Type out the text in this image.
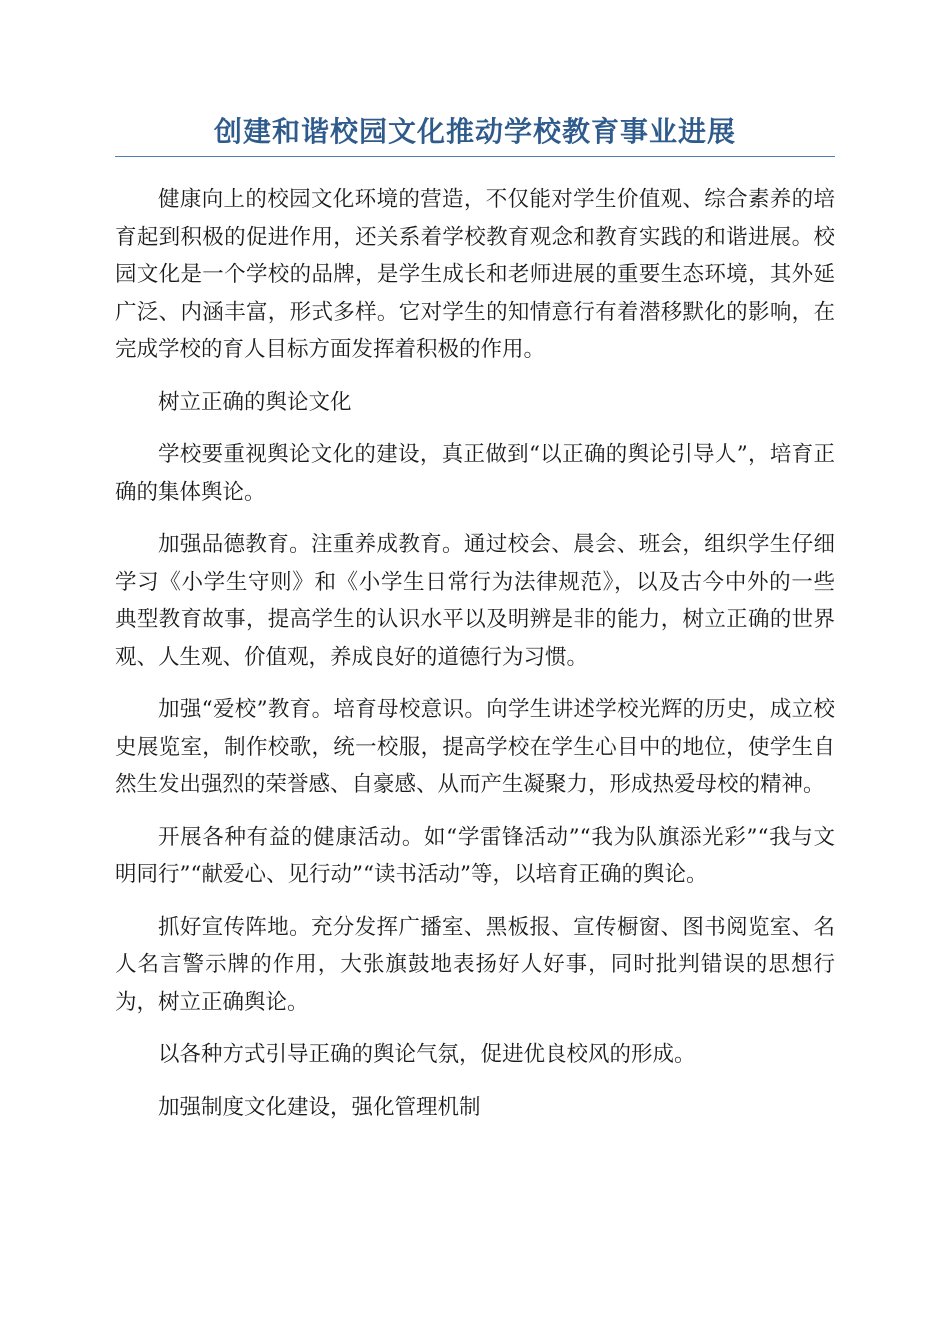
创建和谐校园文化推动学校教育事业进展

健康向上的校园文化环境的营造，不仅能对学生价值观、综合素养的培育起到积极的促进作用，还关系着学校教育观念和教育实践的和谐进展。校园文化是一个学校的品牌，是学生成长和老师进展的重要生态环境，其外延广泛、内涵丰富，形式多样。它对学生的知情意行有着潜移默化的影响，在完成学校的育人目标方面发挥着积极的作用。

树立正确的舆论文化

学校要重视舆论文化的建设，真正做到“以正确的舆论引导人”，培育正确的集体舆论。

加强品德教育。注重养成教育。通过校会、晨会、班会，组织学生仔细学习《小学生守则》和《小学生日常行为法律规范》，以及古今中外的一些典型教育故事，提高学生的认识水平以及明辨是非的能力，树立正确的世界观、人生观、价值观，养成良好的道德行为习惯。

加强“爱校”教育。培育母校意识。向学生讲述学校光辉的历史，成立校史展览室，制作校歌，统一校服，提高学校在学生心目中的地位，使学生自然生发出强烈的荣誉感、自豪感、从而产生凝聚力，形成热爱母校的精神。

开展各种有益的健康活动。如“学雷锋活动”“我为队旗添光彩”“我与文明同行”“献爱心、见行动”“读书活动”等，以培育正确的舆论。

抓好宣传阵地。充分发挥广播室、黑板报、宣传橱窗、图书阅览室、名人名言警示牌的作用，大张旗鼓地表扬好人好事，同时批判错误的思想行为，树立正确舆论。

以各种方式引导正确的舆论气氛，促进优良校风的形成。

加强制度文化建设，强化管理机制
